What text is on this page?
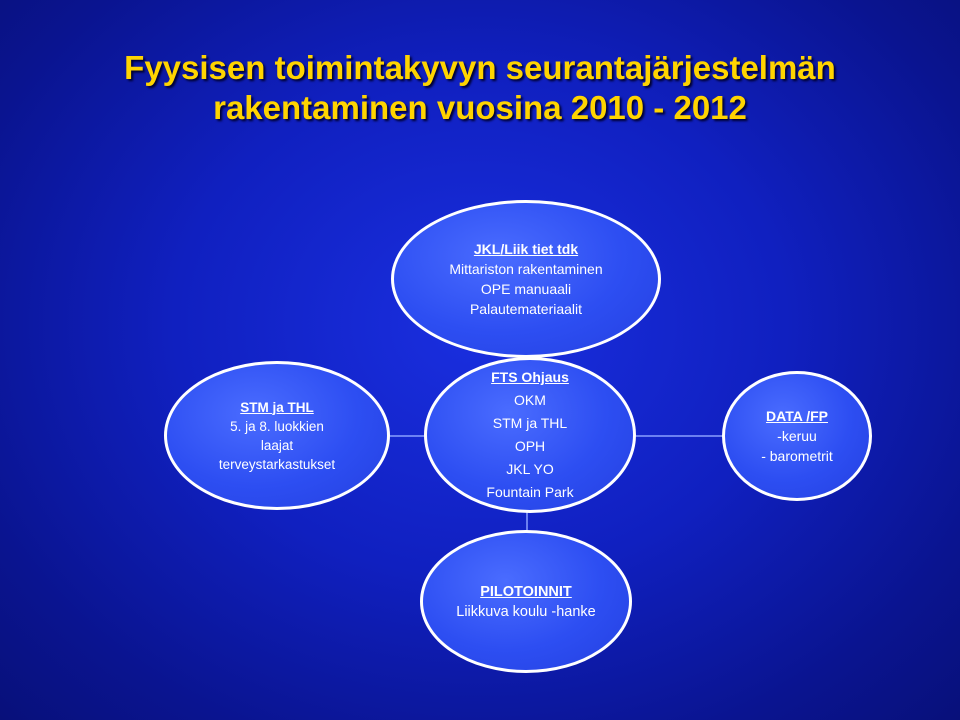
Fyysisen toimintakyvyn seurantajärjestelmän
rakentaminen vuosina 2010 - 2012
JKL/Liik tiet tdk
Mittariston rakentaminen
OPE manuaali
Palautemateriaalit
STM ja THL
5. ja 8. luokkien
laajat
terveystarkastukset
FTS Ohjaus
OKM
STM ja THL
OPH
JKL YO
Fountain Park
DATA /FP
-keruu
- barometrit
PILOTOINNIT
Liikkuva koulu -hanke
